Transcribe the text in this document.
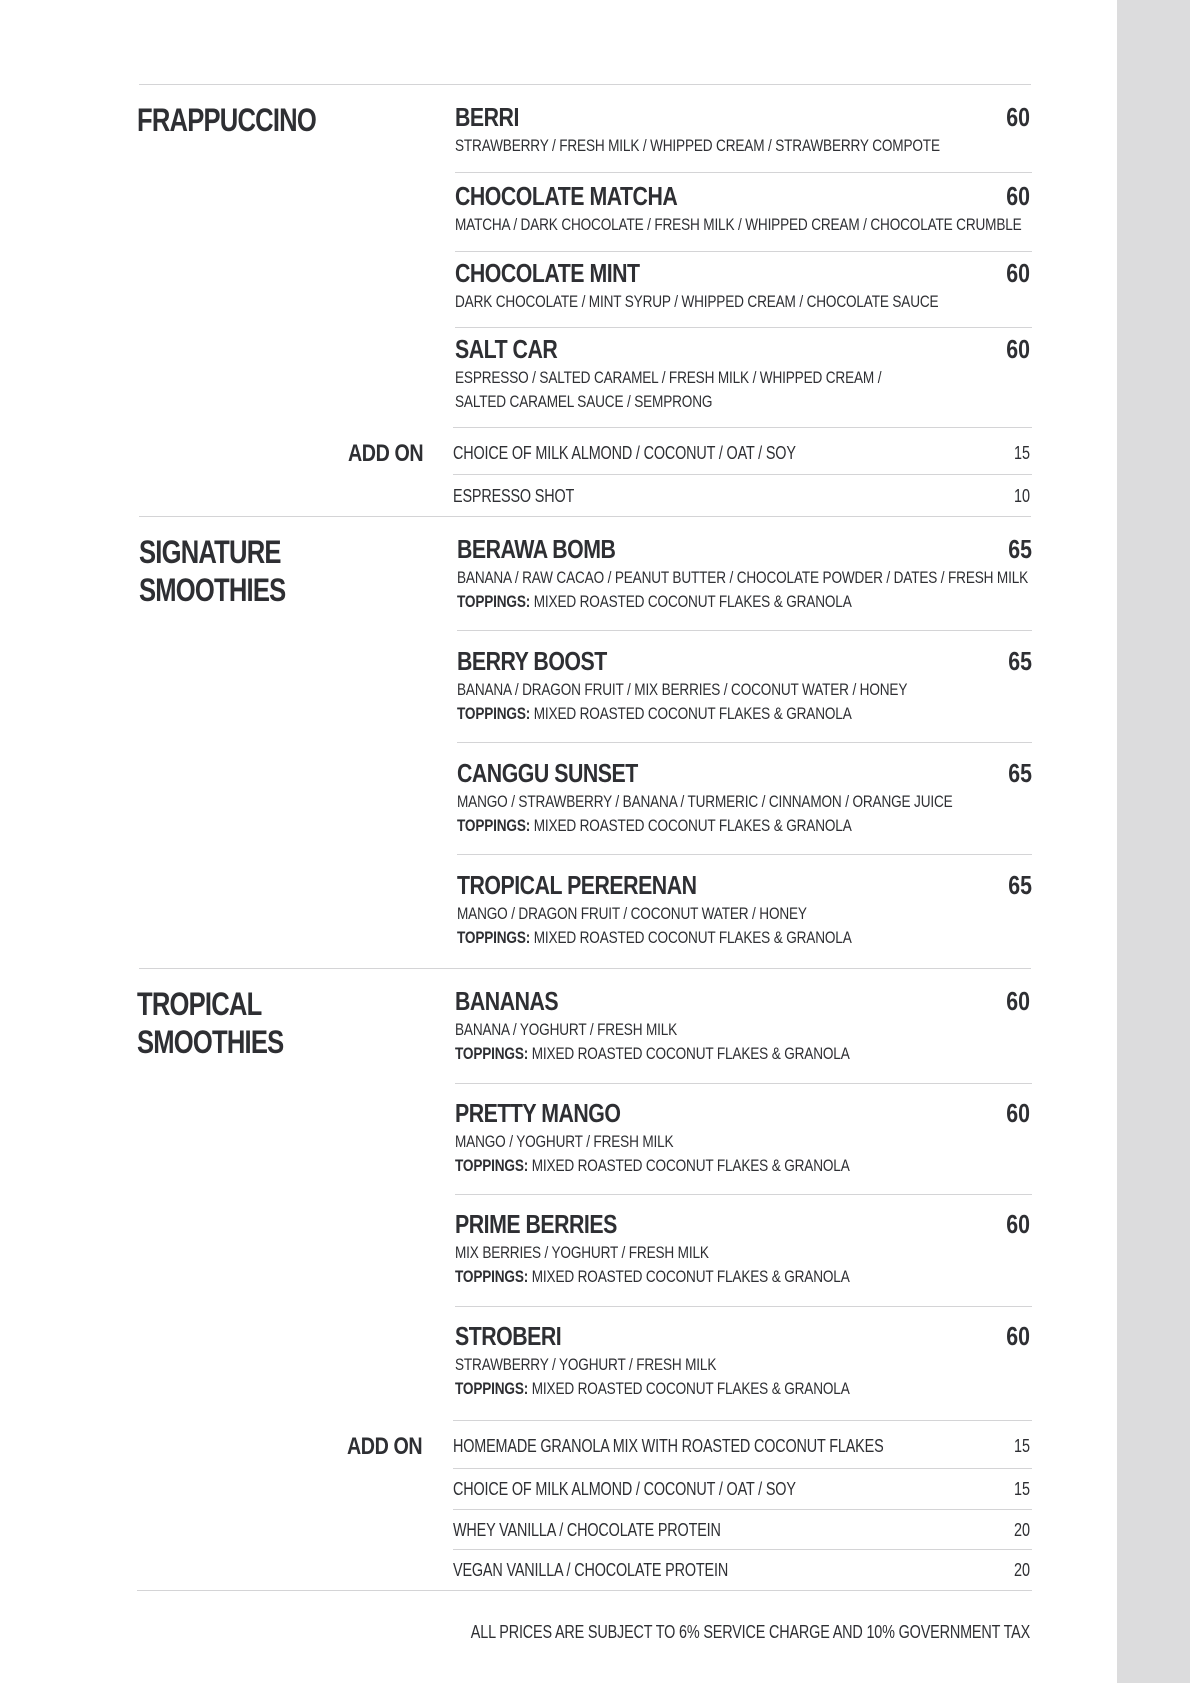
FRAPPUCCINO	BERRI	60
STRAWBERRY / FRESH MILK / WHIPPED CREAM / STRAWBERRY COMPOTE
CHOCOLATE MATCHA	60
MATCHA / DARK CHOCOLATE / FRESH MILK / WHIPPED CREAM / CHOCOLATE CRUMBLE
CHOCOLATE MINT	60
DARK CHOCOLATE / MINT SYRUP / WHIPPED CREAM / CHOCOLATE SAUCE
SALT CAR	60
ESPRESSO / SALTED CARAMEL / FRESH MILK / WHIPPED CREAM /
SALTED CARAMEL SAUCE / SEMPRONG
ADD ON CHOICE OF MILK ALMOND / COCONUT / OAT / SOY	15
ESPRESSO SHOT	10
SIGNATURE
SMOOTHIES
BERAWA BOMB	65
BANANA / RAW CACAO / PEANUT BUTTER / CHOCOLATE POWDER / DATES / FRESH MILK
TOPPINGS: MIXED ROASTED COCONUT FLAKES & GRANOLA
BERRY BOOST	65
BANANA / DRAGON FRUIT / MIX BERRIES / COCONUT WATER / HONEY
TOPPINGS: MIXED ROASTED COCONUT FLAKES & GRANOLA
CANGGU SUNSET	65
MANGO / STRAWBERRY / BANANA / TURMERIC / CINNAMON / ORANGE JUICE
TOPPINGS: MIXED ROASTED COCONUT FLAKES & GRANOLA
TROPICAL PERERENAN	65
MANGO / DRAGON FRUIT / COCONUT WATER / HONEY
TOPPINGS: MIXED ROASTED COCONUT FLAKES & GRANOLA
TROPICAL
SMOOTHIES
BANANAS	60
BANANA / YOGHURT / FRESH MILK
TOPPINGS: MIXED ROASTED COCONUT FLAKES & GRANOLA
PRETTY MANGO	60
MANGO / YOGHURT / FRESH MILK
TOPPINGS: MIXED ROASTED COCONUT FLAKES & GRANOLA
PRIME BERRIES	60
MIX BERRIES / YOGHURT / FRESH MILK
TOPPINGS: MIXED ROASTED COCONUT FLAKES & GRANOLA
STROBERI	60
STRAWBERRY / YOGHURT / FRESH MILK
TOPPINGS: MIXED ROASTED COCONUT FLAKES & GRANOLA
ADD ON HOMEMADE GRANOLA MIX WITH ROASTED COCONUT FLAKES	15
CHOICE OF MILK ALMOND / COCONUT / OAT / SOY	15
WHEY VANILLA / CHOCOLATE PROTEIN	20
VEGAN VANILLA / CHOCOLATE PROTEIN	20
ALL PRICES ARE SUBJECT TO 6% SERVICE CHARGE AND 10% GOVERNMENT TAX
